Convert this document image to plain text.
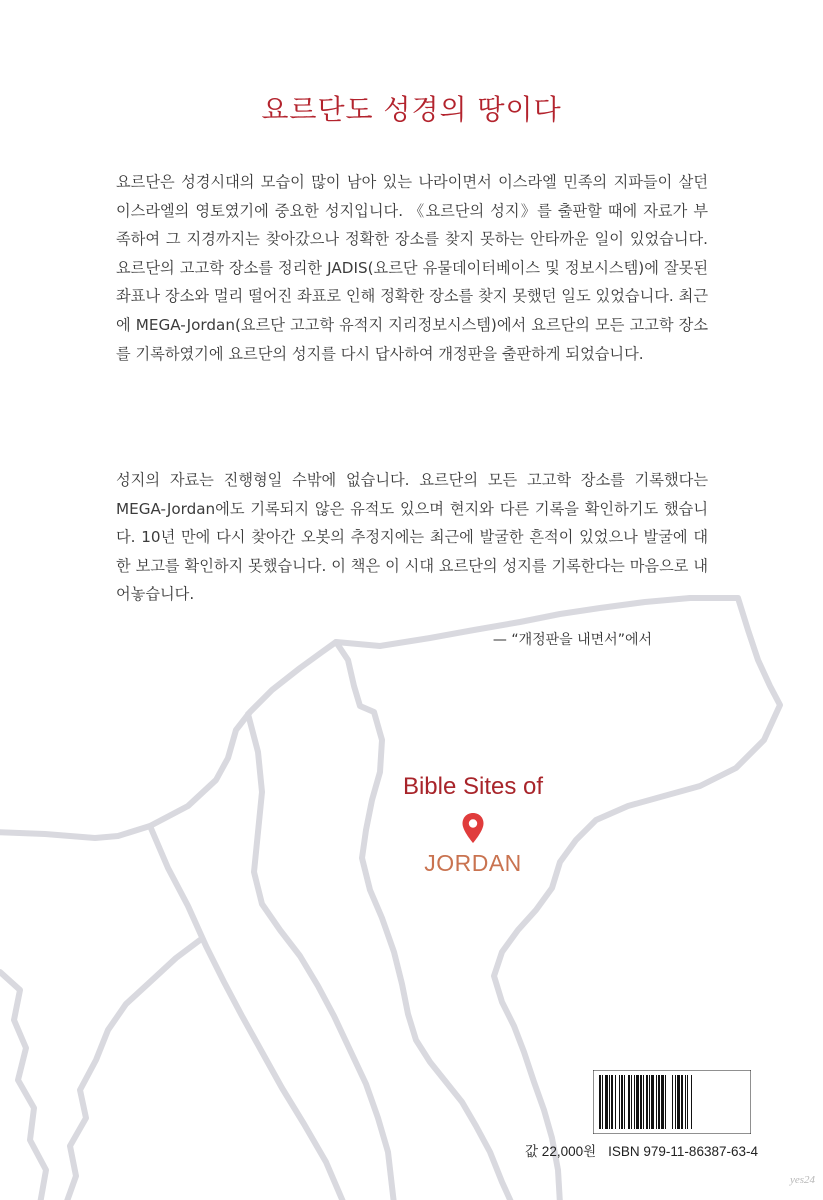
요르단도 성경의 땅이다

요르단은 성경시대의 모습이 많이 남아 있는 나라이면서 이스라엘 민족의 지파들이 살던 이스라엘의 영토였기에 중요한 성지입니다. 《요르단의 성지》를 출판할 때에 자료가 부족하여 그 지경까지는 찾아갔으나 정확한 장소를 찾지 못하는 안타까운 일이 있었습니다. 요르단의 고고학 장소를 정리한 JADIS(요르단 유물데이터베이스 및 정보시스템)에 잘못된 좌표나 장소와 멀리 떨어진 좌표로 인해 정확한 장소를 찾지 못했던 일도 있었습니다. 최근에 MEGA-Jordan(요르단 고고학 유적지 지리정보시스템)에서 요르단의 모든 고고학 장소를 기록하였기에 요르단의 성지를 다시 답사하여 개정판을 출판하게 되었습니다.

성지의 자료는 진행형일 수밖에 없습니다. 요르단의 모든 고고학 장소를 기록했다는 MEGA-Jordan에도 기록되지 않은 유적도 있으며 현지와 다른 기록을 확인하기도 했습니다. 10년 만에 다시 찾아간 오봇의 추정지에는 최근에 발굴한 흔적이 있었으나 발굴에 대한 보고를 확인하지 못했습니다. 이 책은 이 시대 요르단의 성지를 기록한다는 마음으로 내어놓습니다.

— “개정판을 내면서”에서
Bible Sites of
JORDAN
값 22,000원 ISBN 979-11-86387-63-4
yes24
